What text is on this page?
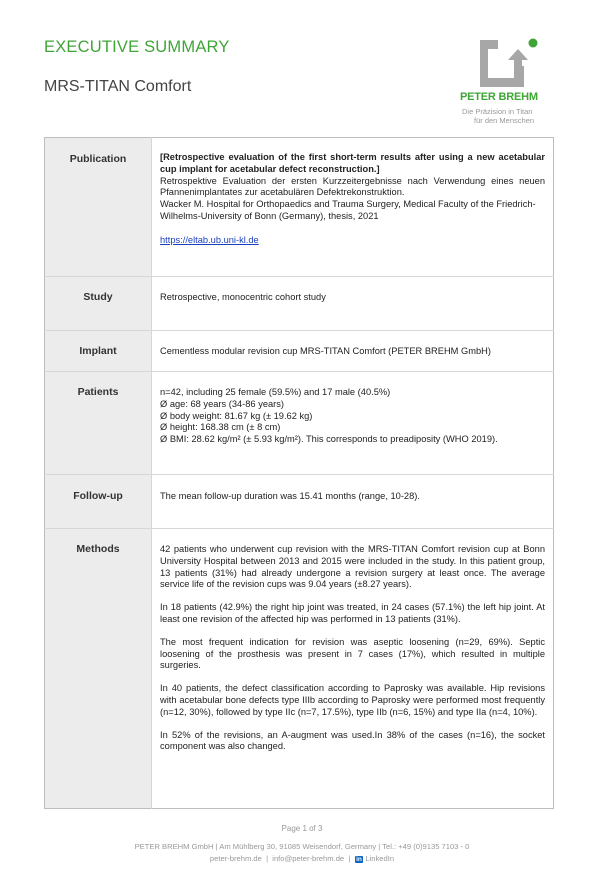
EXECUTIVE SUMMARY
MRS-TITAN Comfort
PETER BREHM
Die Präzision in Titan
für den Menschen
Publication	[Retrospective evaluation of the first short-term results after using a new acetabular cup implant for acetabular defect reconstruction.]

Retrospektive Evaluation der ersten Kurzzeitergebnisse nach Verwendung eines neuen Pfannenimplantates zur acetabulären Defektrekonstruktion.

Wacker M. Hospital for Orthopaedics and Trauma Surgery, Medical Faculty of the Friedrich-Wilhelms-University of Bonn (Germany), thesis, 2021

https://eltab.ub.uni-kl.de

Study	Retrospective, monocentric cohort study
Implant	Cementless modular revision cup MRS-TITAN Comfort (PETER BREHM GmbH)
Patients	n=42, including 25 female (59.5%) and 17 male (40.5%)

Ø age: 68 years (34-86 years)

Ø body weight: 81.67 kg (± 19.62 kg)

Ø height: 168.38 cm (± 8 cm)

Ø BMI: 28.62 kg/m² (± 5.93 kg/m²). This corresponds to preadiposity (WHO 2019).

Follow-up	The mean follow-up duration was 15.41 months (range, 10-28).
Methods	42 patients who underwent cup revision with the MRS-TITAN Comfort revision cup at Bonn University Hospital between 2013 and 2015 were included in the study. In this patient group, 13 patients (31%) had already undergone a revision surgery at least once. The average service life of the revision cups was 9.04 years (±8.27 years).

In 18 patients (42.9%) the right hip joint was treated, in 24 cases (57.1%) the left hip joint. At least one revision of the affected hip was performed in 13 patients (31%).

The most frequent indication for revision was aseptic loosening (n=29, 69%). Septic loosening of the prosthesis was present in 7 cases (17%), which resulted in multiple surgeries.

In 40 patients, the defect classification according to Paprosky was available. Hip revisions with acetabular bone defects type IIIb according to Paprosky were performed most frequently (n=12, 30%), followed by type IIc (n=7, 17.5%), type IIb (n=6, 15%) and type IIa (n=4, 10%).

In 52% of the revisions, an A-augment was used.In 38% of the cases (n=16), the socket component was also changed.

Page 1 of 3
PETER BREHM GmbH | Am Mühlberg 30, 91085 Weisendorf, Germany | Tel.: +49 (0)9135 7103 - 0
peter-brehm.de  |  info@peter-brehm.de  |  in LinkedIn
